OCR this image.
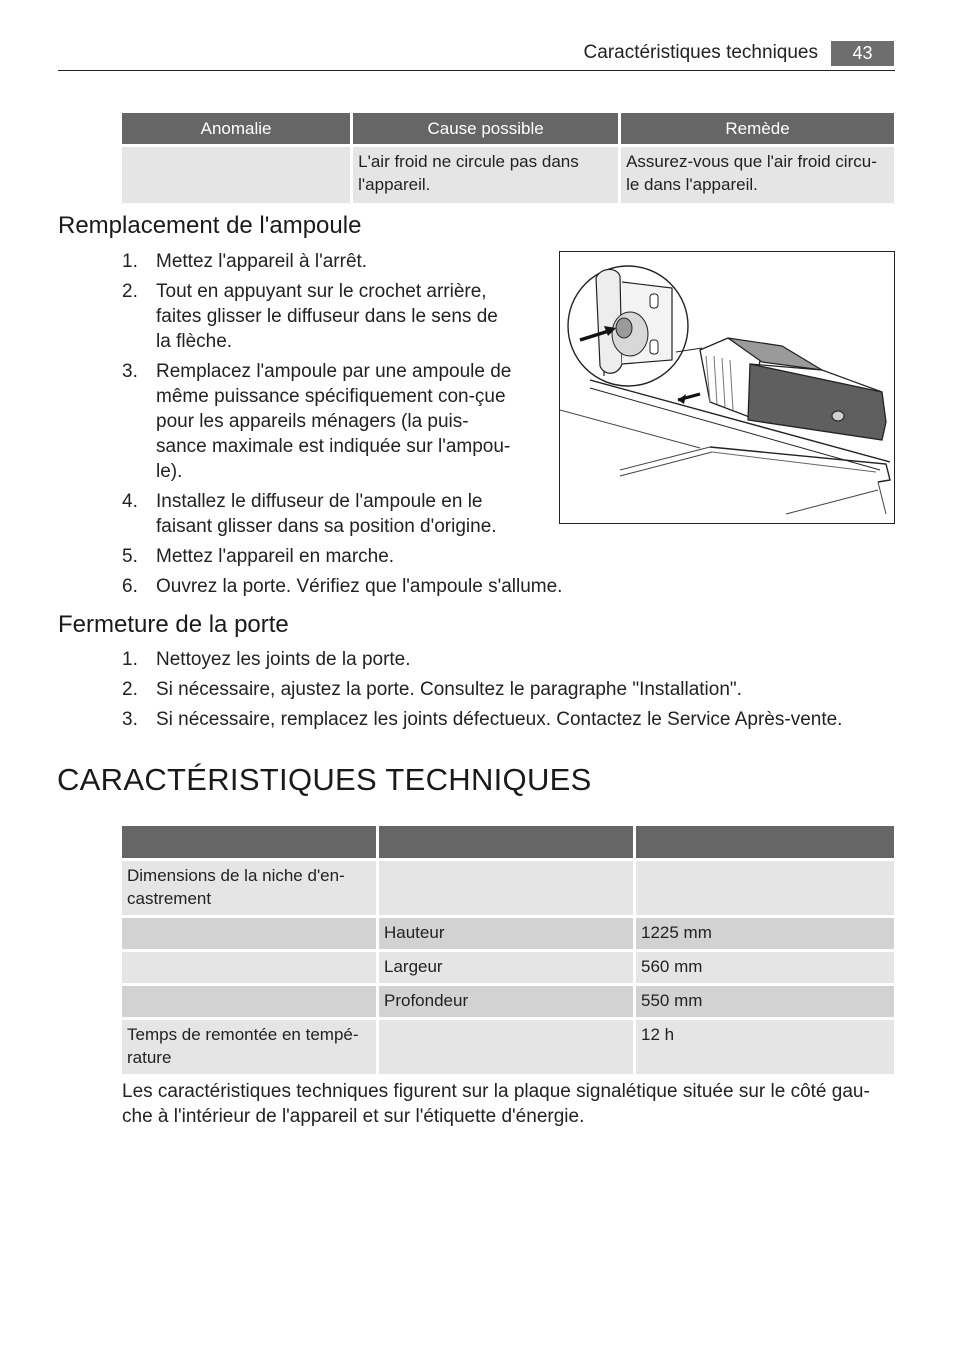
Caractéristiques techniques	43
Anomalie	Cause possible	Remède
	L'air froid ne circule pas dans l'appareil.	Assurez-vous que l'air froid circu-le dans l'appareil.
Remplacement de l'ampoule
1. Mettez l'appareil à l'arrêt.
2. Tout en appuyant sur le crochet arrière, faites glisser le diffuseur dans le sens de la flèche.
3. Remplacez l'ampoule par une ampoule de même puissance spécifiquement con-çue pour les appareils ménagers (la puis-sance maximale est indiquée sur l'ampou-le).
4. Installez le diffuseur de l'ampoule en le faisant glisser dans sa position d'origine.
5. Mettez l'appareil en marche.
6. Ouvrez la porte. Vérifiez que l'ampoule s'allume.
Fermeture de la porte
1. Nettoyez les joints de la porte.
2. Si nécessaire, ajustez la porte. Consultez le paragraphe "Installation".
3. Si nécessaire, remplacez les joints défectueux. Contactez le Service Après-vente.
CARACTÉRISTIQUES TECHNIQUES

Dimensions de la niche d'en-castrement		
	Hauteur	1225 mm
	Largeur	560 mm
	Profondeur	550 mm
Temps de remontée en tempé-rature		12 h

Les caractéristiques techniques figurent sur la plaque signalétique située sur le côté gau-che à l'intérieur de l'appareil et sur l'étiquette d'énergie.
